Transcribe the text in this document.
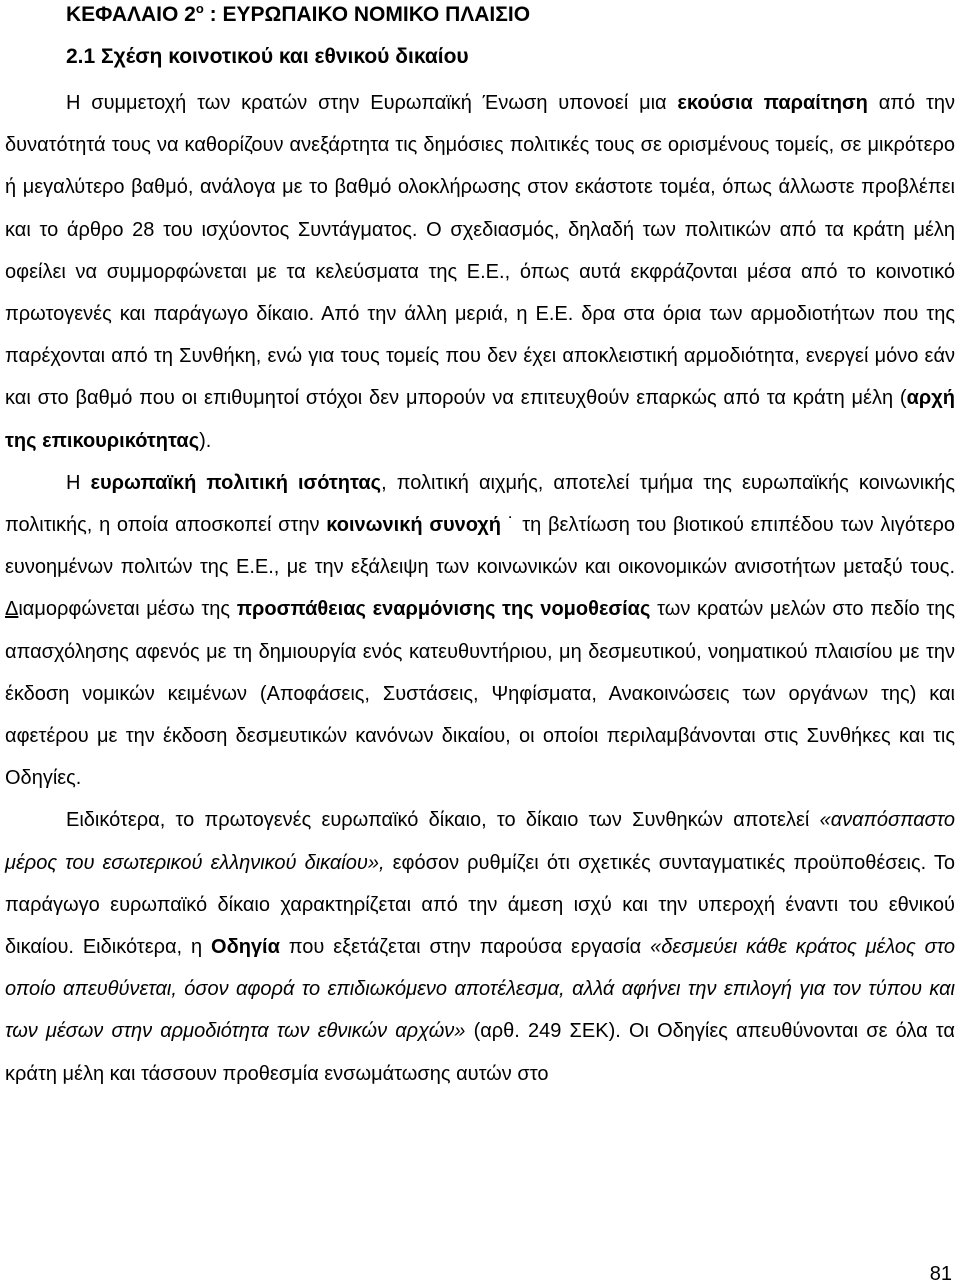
ΚΕΦΑΛΑΙΟ $2^o$ : ΕΥΡΩΠΑΙΚΟ ΝΟΜΙΚΟ ΠΛΑΙΣΙΟ
2.1 Σχέση κοινοτικού και εθνικού δικαίου

Η συμμετοχή των κρατών στην Ευρωπαϊκή Ένωση υπονοεί μια εκούσια παραίτηση από την δυνατότητά τους να καθορίζουν ανεξάρτητα τις δημόσιες πολιτικές τους σε ορισμένους τομείς, σε μικρότερο ή μεγαλύτερο βαθμό, ανάλογα με το βαθμό ολοκλήρωσης στον εκάστοτε τομέα, όπως άλλωστε προβλέπει και το άρθρο 28 του ισχύοντος Συντάγματος. Ο σχεδιασμός, δηλαδή των πολιτικών από τα κράτη μέλη οφείλει να συμμορφώνεται με τα κελεύσματα της Ε.Ε., όπως αυτά εκφράζονται μέσα από το κοινοτικό πρωτογενές και παράγωγο δίκαιο. Από την άλλη μεριά, η Ε.Ε. δρα στα όρια των αρμοδιοτήτων που της παρέχονται από τη Συνθήκη, ενώ για τους τομείς που δεν έχει αποκλειστική αρμοδιότητα, ενεργεί μόνο εάν και στο βαθμό που οι επιθυμητοί στόχοι δεν μπορούν να επιτευχθούν επαρκώς από τα κράτη μέλη (αρχή της επικουρικότητας).

Η ευρωπαϊκή πολιτική ισότητας, πολιτική αιχμής, αποτελεί τμήμα της ευρωπαϊκής κοινωνικής πολιτικής, η οποία αποσκοπεί στην κοινωνική συνοχή ˙ τη βελτίωση του βιοτικού επιπέδου των λιγότερο ευνοημένων πολιτών της Ε.Ε., με την εξάλειψη των κοινωνικών και οικονομικών ανισοτήτων μεταξύ τους. Διαμορφώνεται μέσω της προσπάθειας εναρμόνισης της νομοθεσίας των κρατών μελών στο πεδίο της απασχόλησης αφενός με τη δημιουργία ενός κατευθυντήριου, μη δεσμευτικού, νοηματικού πλαισίου με την έκδοση νομικών κειμένων (Αποφάσεις, Συστάσεις, Ψηφίσματα, Ανακοινώσεις των οργάνων της) και αφετέρου με την έκδοση δεσμευτικών κανόνων δικαίου, οι οποίοι περιλαμβάνονται στις Συνθήκες και τις Οδηγίες.

Ειδικότερα, το πρωτογενές ευρωπαϊκό δίκαιο, το δίκαιο των Συνθηκών αποτελεί «αναπόσπαστο μέρος του εσωτερικού ελληνικού δικαίου», εφόσον ρυθμίζει ότι σχετικές συνταγματικές προϋποθέσεις. Το παράγωγο ευρωπαϊκό δίκαιο χαρακτηρίζεται από την άμεση ισχύ και την υπεροχή έναντι του εθνικού δικαίου. Ειδικότερα, η Οδηγία που εξετάζεται στην παρούσα εργασία «δεσμεύει κάθε κράτος μέλος στο οποίο απευθύνεται, όσον αφορά το επιδιωκόμενο αποτέλεσμα, αλλά αφήνει την επιλογή για τον τύπου και των μέσων στην αρμοδιότητα των εθνικών αρχών» (αρθ. 249 ΣΕΚ). Οι Οδηγίες απευθύνονται σε όλα τα κράτη μέλη και τάσσουν προθεσμία ενσωμάτωσης αυτών στο

81
